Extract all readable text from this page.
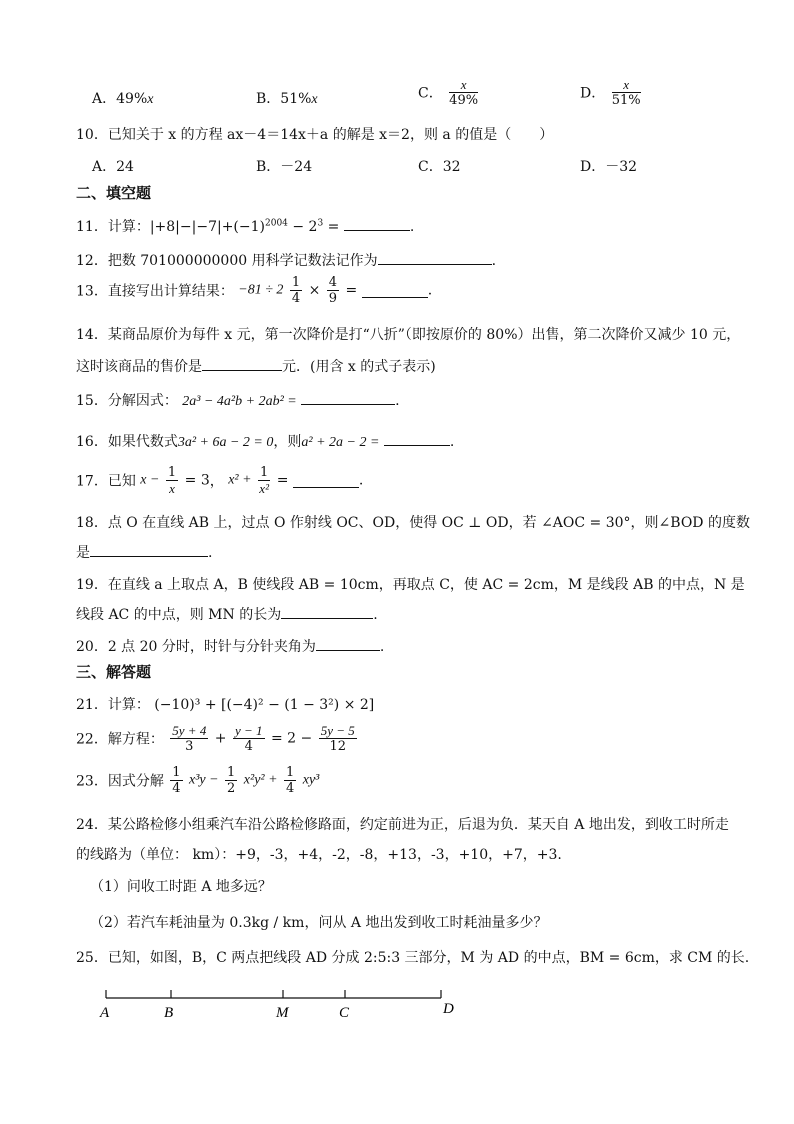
A．49%x	B．51%x	C． $\frac{x}{49\%}$	D． $\frac{x}{51\%}$
10．已知关于 x 的方程 ax－4＝14x＋a 的解是 x＝2，则 a 的值是（　　）
A．24	B．－24	C．32	D．－32
二、填空题
11．计算：$|+8|-|-7|+(-1)^{2004} - 2^3$ =	.
12．把数 701000000000 用科学记数法记作为	.
13．直接写出计算结果： $-81 \div 2 \frac{1}{4} \times \frac{4}{9}$ =	.
14．某商品原价为每件 x 元，第一次降价是打“八折”（即按原价的 80%）出售，第二次降价又减少 10 元，
这时该商品的售价是	元．(用含 x 的式子表示)
15．分解因式： 2a³ − 4a²b + 2ab² =	.
16．如果代数式3a² + 6a − 2 = 0，则a² + 2a − 2 =	.
17．已知 $x - \frac{1}{x} = 3$， $x^2 + \frac{1}{\text{x²}}$ =	.
18．点 O 在直线 AB 上，过点 O 作射线 OC、OD，使得 OC ⊥ OD，若 ∠AOC = 30°，则∠BOD 的度数
是	.
19．在直线 a 上取点 A，B 使线段 AB = 10cm，再取点 C，使 AC = 2cm，M 是线段 AB 的中点，N 是
线段 AC 的中点，则 MN 的长为	.
20．2 点 20 分时，时针与分针夹角为	.
三、解答题
21．计算： (−10)³ + [(−4)² − (1 − 3²) × 2]
22．解方程： $\frac{5y + 4}{3} + \frac{y - 1}{4} = 2 - \frac{5y - 5}{12}$
23．因式分解 $\frac{1}{4} x^3y - \frac{1}{2} x^2y^2 + \frac{1}{4} xy^3$
24．某公路检修小组乘汽车沿公路检修路面，约定前进为正，后退为负．某天自 A 地出发，到收工时所走
的线路为（单位： km）：+9，-3，+4，-2，-8，+13，-3，+10，+7，+3.
（1）问收工时距 A 地多远？
（2）若汽车耗油量为 0.3kg / km，问从 A 地出发到收工时耗油量多少？
25．已知，如图，B，C 两点把线段 AD 分成 2:5:3 三部分，M 为 AD 的中点，BM = 6cm，求 CM 的长.
A	B	M	C	D
